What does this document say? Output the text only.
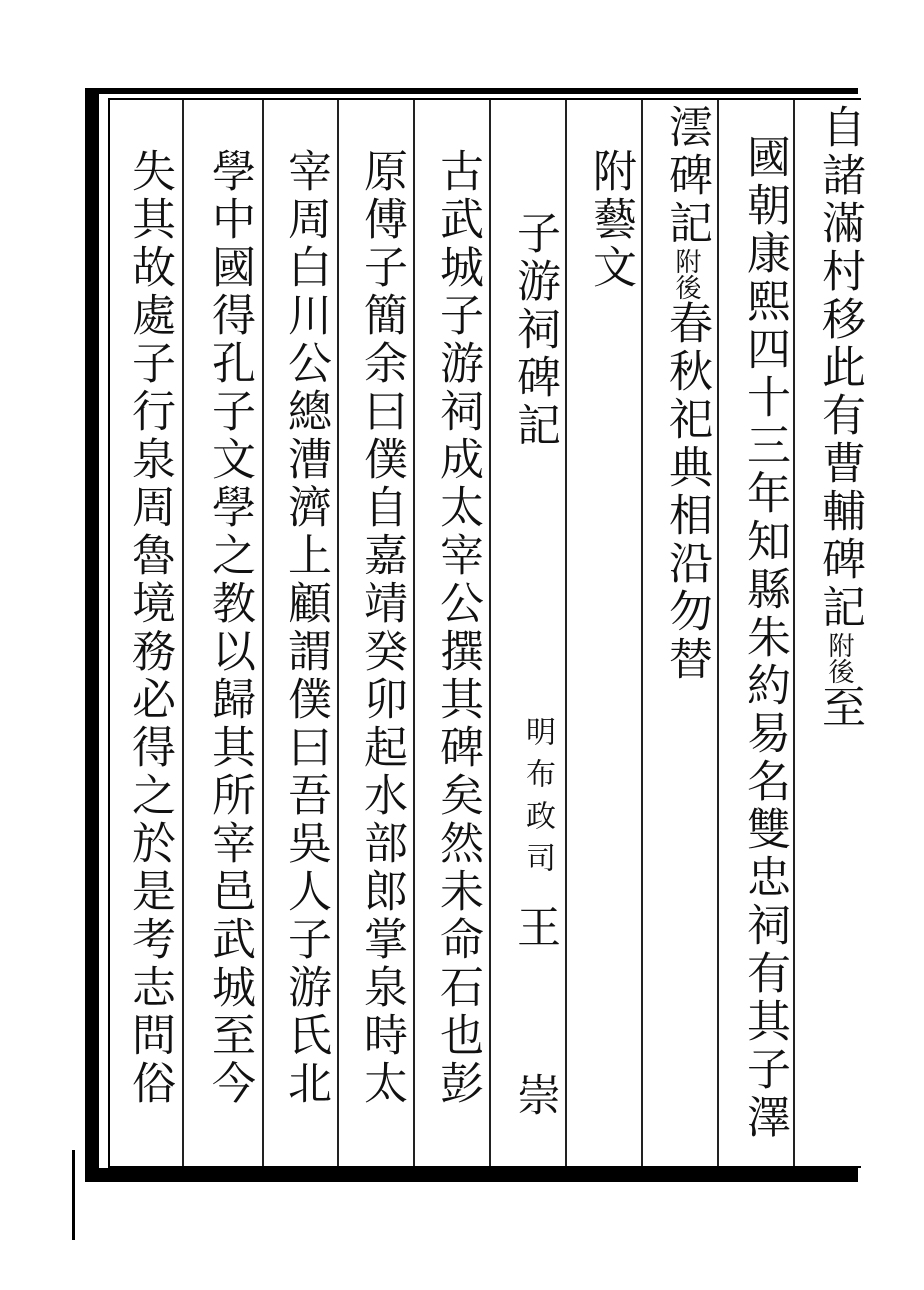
自諸滿村移此有曹輔碑記附後至
國朝康熙四十三年知縣朱約易名雙忠祠有其子澤
澐碑記附後春秋祀典相沿勿替
附藝文
子游祠碑記
明布政司
王　崇
古武城子游祠成太宰公撰其碑矣然未命石也彭
原傅子簡余曰僕自嘉靖癸卯起水部郎掌泉時太
宰周白川公總漕濟上顧謂僕曰吾吳人子游氏北
學中國得孔子文學之教以歸其所宰邑武城至今
失其故處子行泉周魯境務必得之於是考志問俗
